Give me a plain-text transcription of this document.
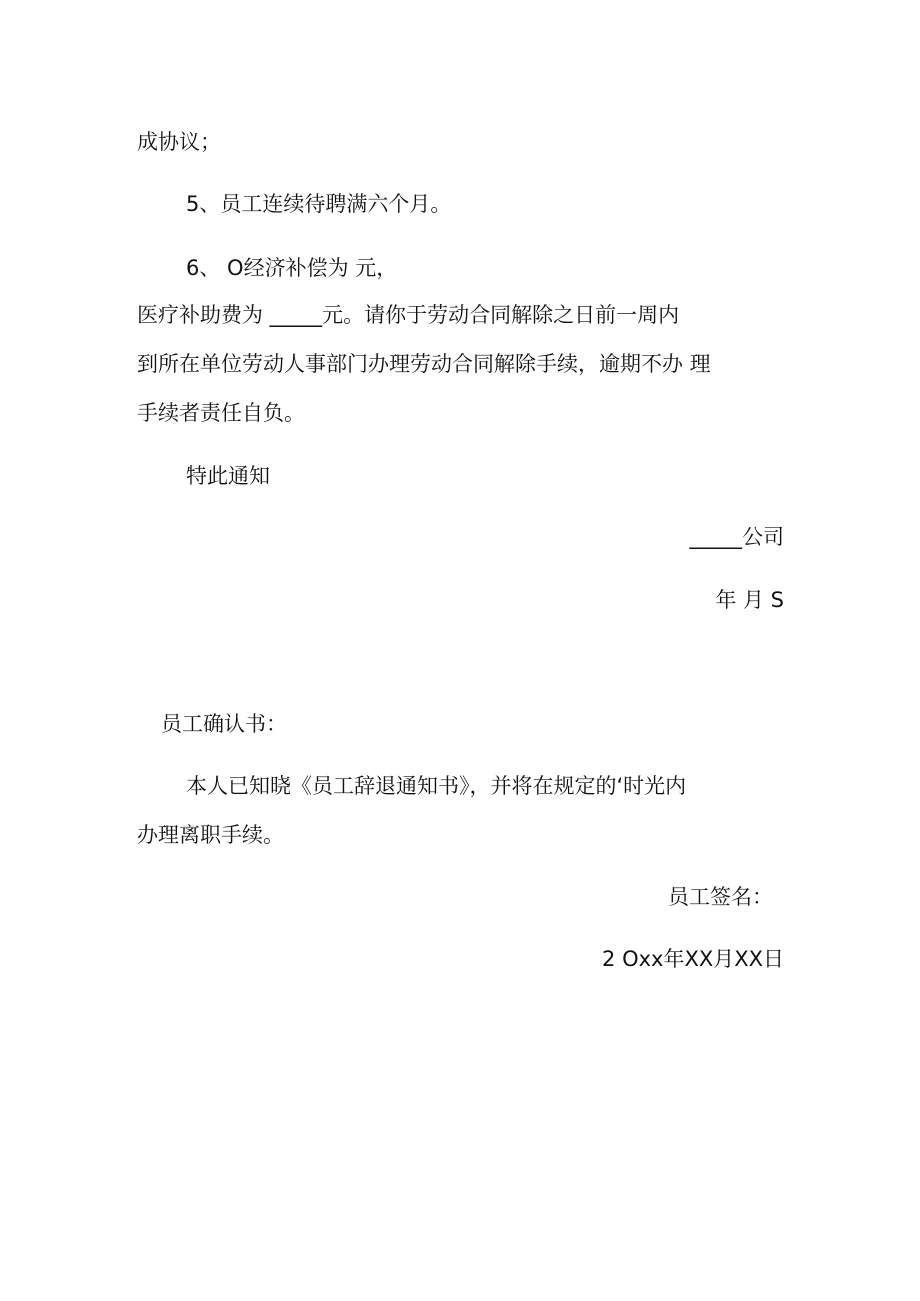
成协议；
5、员工连续待聘满六个月。
6、 O经济补偿为 元，
医疗补助费为 _____元。请你于劳动合同解除之日前一周内
到所在单位劳动人事部门办理劳动合同解除手续，逾期不办 理
手续者责任自负。
特此通知
_____公司
年 月 S
员工确认书：
本人已知晓《员工辞退通知书》，并将在规定的‘时光内
办理离职手续。
员工签名：
2 Oxx年XX月XX日
